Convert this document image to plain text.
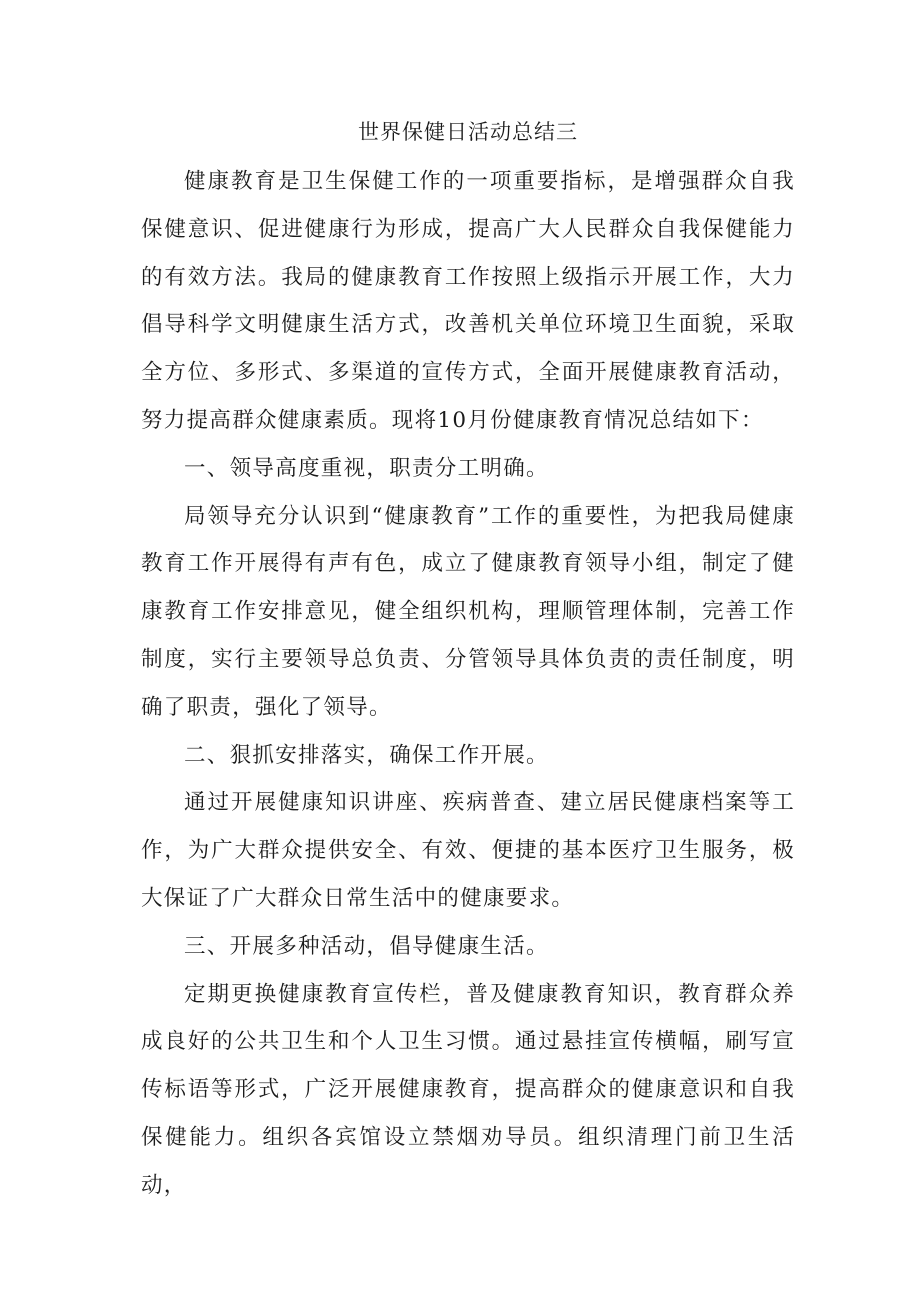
世界保健日活动总结三

健康教育是卫生保健工作的一项重要指标，是增强群众自我保健意识、促进健康行为形成，提高广大人民群众自我保健能力的有效方法。我局的健康教育工作按照上级指示开展工作，大力倡导科学文明健康生活方式，改善机关单位环境卫生面貌，采取全方位、多形式、多渠道的宣传方式，全面开展健康教育活动，努力提高群众健康素质。现将10月份健康教育情况总结如下：

一、领导高度重视，职责分工明确。

局领导充分认识到“健康教育”工作的重要性，为把我局健康教育工作开展得有声有色，成立了健康教育领导小组，制定了健康教育工作安排意见，健全组织机构，理顺管理体制，完善工作制度，实行主要领导总负责、分管领导具体负责的责任制度，明确了职责，强化了领导。

二、狠抓安排落实，确保工作开展。

通过开展健康知识讲座、疾病普查、建立居民健康档案等工作，为广大群众提供安全、有效、便捷的基本医疗卫生服务，极大保证了广大群众日常生活中的健康要求。

三、开展多种活动，倡导健康生活。

定期更换健康教育宣传栏，普及健康教育知识，教育群众养成良好的公共卫生和个人卫生习惯。通过悬挂宣传横幅，刷写宣传标语等形式，广泛开展健康教育，提高群众的健康意识和自我保健能力。组织各宾馆设立禁烟劝导员。组织清理门前卫生活动，
